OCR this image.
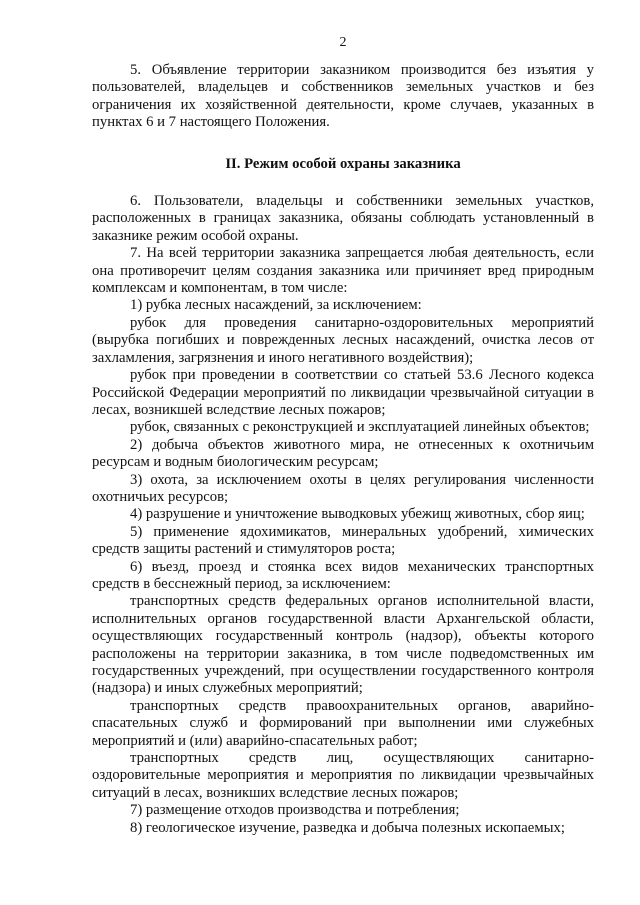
2

5. Объявление территории заказником производится без изъятия у пользователей, владельцев и собственников земельных участков и без ограничения их хозяйственной деятельности, кроме случаев, указанных в пунктах 6 и 7 настоящего Положения.

II. Режим особой охраны заказника

6. Пользователи, владельцы и собственники земельных участков, расположенных в границах заказника, обязаны соблюдать установленный в заказнике режим особой охраны.

7. На всей территории заказника запрещается любая деятельность, если она противоречит целям создания заказника или причиняет вред природным комплексам и компонентам, в том числе:

1) рубка лесных насаждений, за исключением:

рубок для проведения санитарно-оздоровительных мероприятий (вырубка погибших и поврежденных лесных насаждений, очистка лесов от захламления, загрязнения и иного негативного воздействия);

рубок при проведении в соответствии со статьей 53.6 Лесного кодекса Российской Федерации мероприятий по ликвидации чрезвычайной ситуации в лесах, возникшей вследствие лесных пожаров;

рубок, связанных с реконструкцией и эксплуатацией линейных объектов;

2) добыча объектов животного мира, не отнесенных к охотничьим ресурсам и водным биологическим ресурсам;

3) охота, за исключением охоты в целях регулирования численности охотничьих ресурсов;

4) разрушение и уничтожение выводковых убежищ животных, сбор яиц;

5) применение ядохимикатов, минеральных удобрений, химических средств защиты растений и стимуляторов роста;

6) въезд, проезд и стоянка всех видов механических транспортных средств в бесснежный период, за исключением:

транспортных средств федеральных органов исполнительной власти, исполнительных органов государственной власти Архангельской области, осуществляющих государственный контроль (надзор), объекты которого расположены на территории заказника, в том числе подведомственных им государственных учреждений, при осуществлении государственного контроля (надзора) и иных служебных мероприятий;

транспортных средств правоохранительных органов, аварийно-спасательных служб и формирований при выполнении ими служебных мероприятий и (или) аварийно-спасательных работ;

транспортных средств лиц, осуществляющих санитарно-оздоровительные мероприятия и мероприятия по ликвидации чрезвычайных ситуаций в лесах, возникших вследствие лесных пожаров;

7) размещение отходов производства и потребления;

8) геологическое изучение, разведка и добыча полезных ископаемых;
